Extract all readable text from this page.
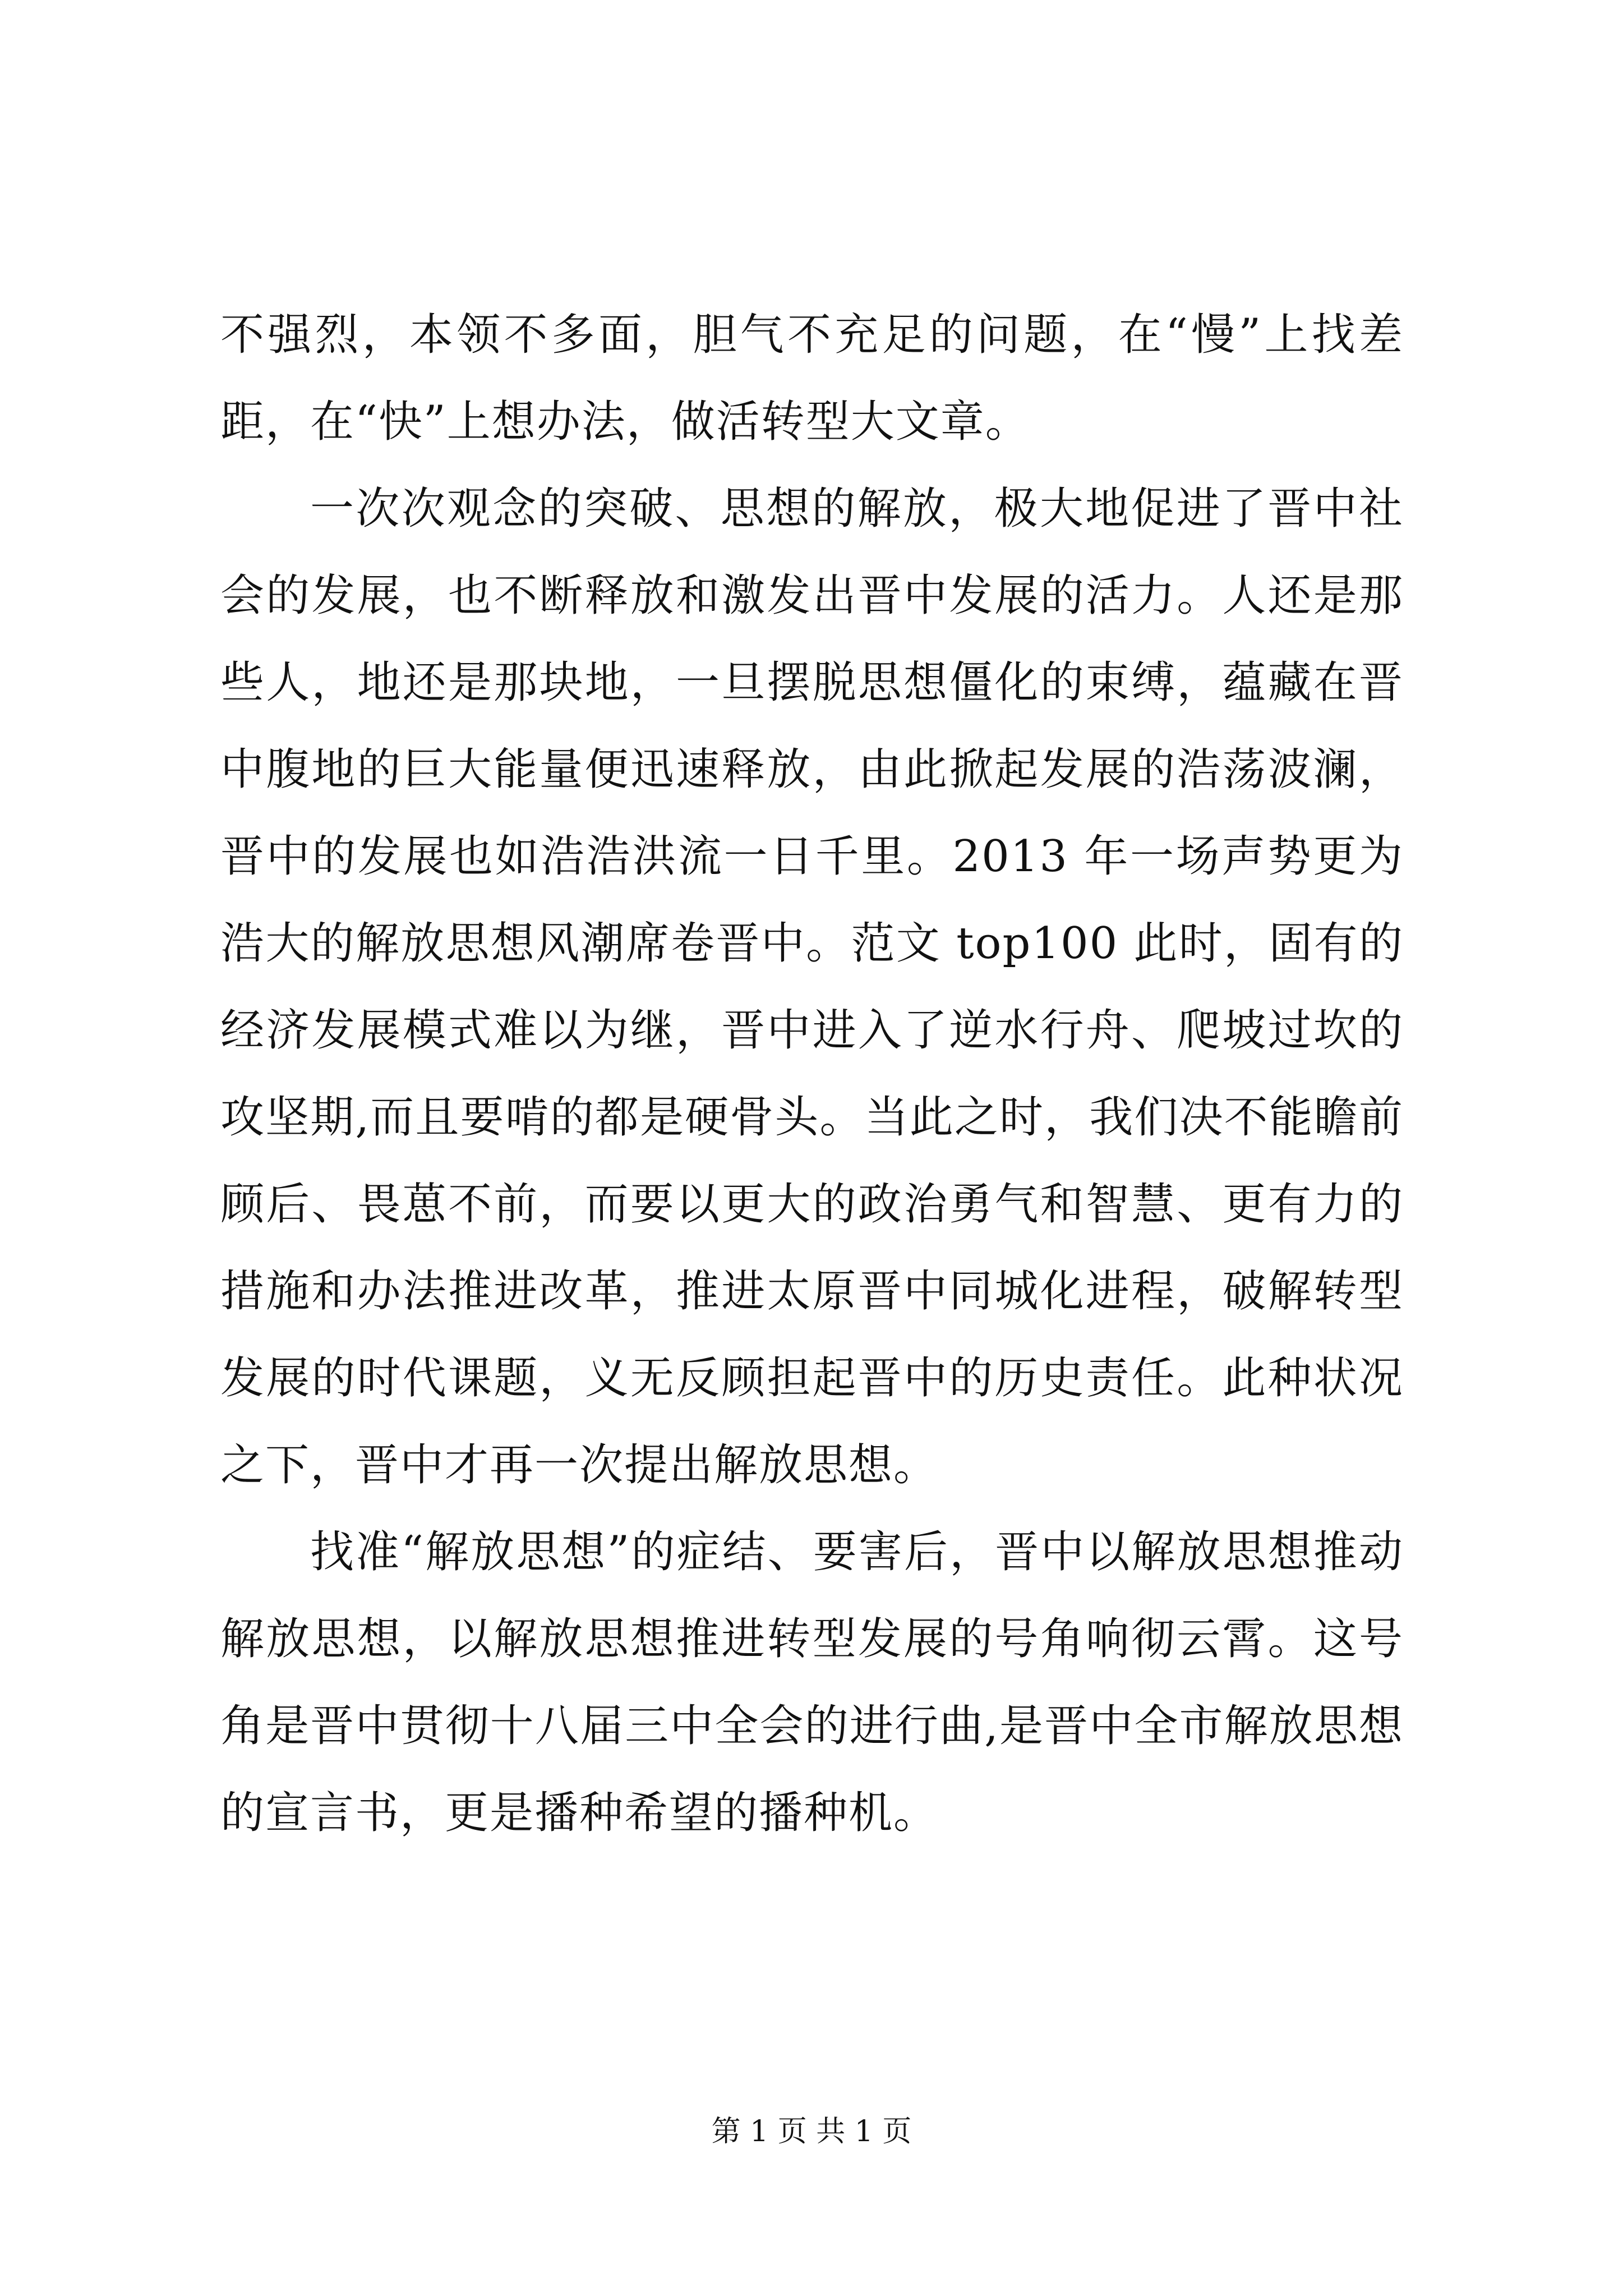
不强烈，本领不多面，胆气不充足的问题，在“慢”上找差距，在“快”上想办法，做活转型大文章。

一次次观念的突破、思想的解放，极大地促进了晋中社会的发展，也不断释放和激发出晋中发展的活力。人还是那些人，地还是那块地，一旦摆脱思想僵化的束缚，蕴藏在晋中腹地的巨大能量便迅速释放，由此掀起发展的浩荡波澜，晋中的发展也如浩浩洪流一日千里。2013 年一场声势更为浩大的解放思想风潮席卷晋中。范文 top100 此时，固有的经济发展模式难以为继，晋中进入了逆水行舟、爬坡过坎的攻坚期,而且要啃的都是硬骨头。当此之时，我们决不能瞻前顾后、畏葸不前，而要以更大的政治勇气和智慧、更有力的措施和办法推进改革，推进太原晋中同城化进程，破解转型发展的时代课题，义无反顾担起晋中的历史责任。此种状况之下，晋中才再一次提出解放思想。

找准“解放思想”的症结、要害后，晋中以解放思想推动解放思想，以解放思想推进转型发展的号角响彻云霄。这号角是晋中贯彻十八届三中全会的进行曲,是晋中全市解放思想的宣言书，更是播种希望的播种机。

第 1 页 共 1 页
